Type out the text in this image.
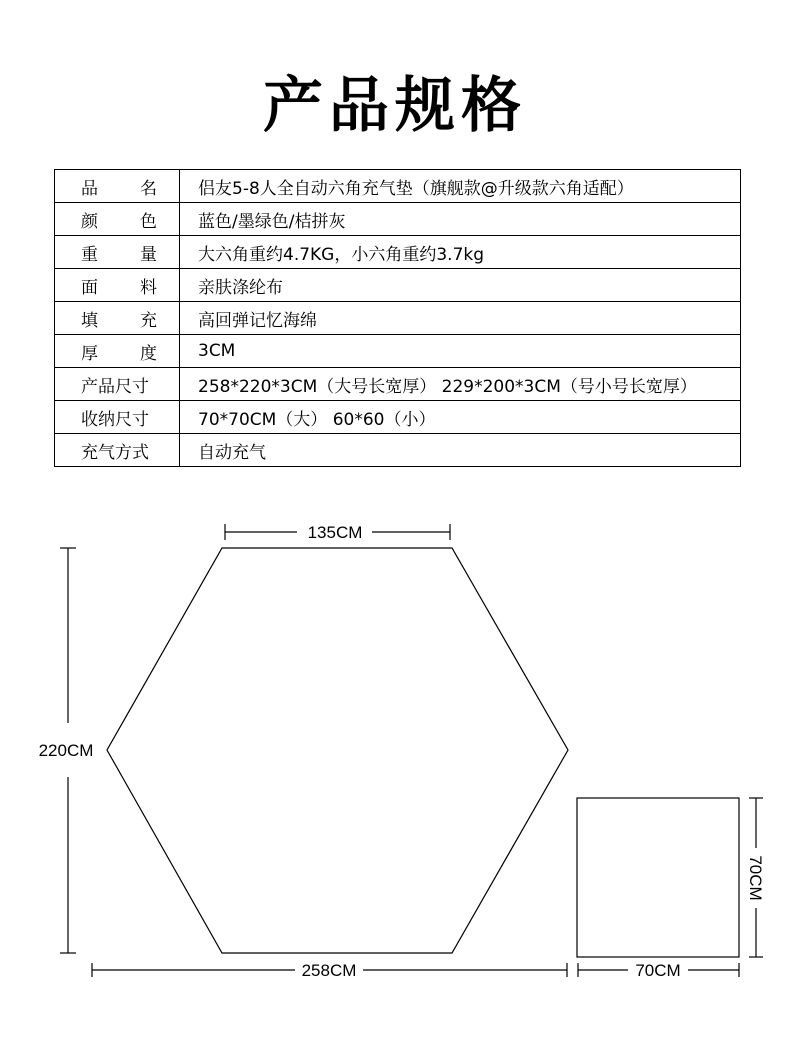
产品规格
品 名	侣友5-8人全自动六角充气垫（旗舰款@升级款六角适配）

颜 色	蓝色/墨绿色/桔拼灰

重 量	大六角重约4.7KG，小六角重约3.7kg

面 料	亲肤涤纶布

填 充	高回弹记忆海绵

厚 度	3CM

产品尺寸	258*220*3CM（大号长宽厚） 229*200*3CM（号小号长宽厚）

收纳尺寸	70*70CM（大） 60*60（小）

充气方式	自动充气
135CM
220CM
258CM
70CM
70CM
